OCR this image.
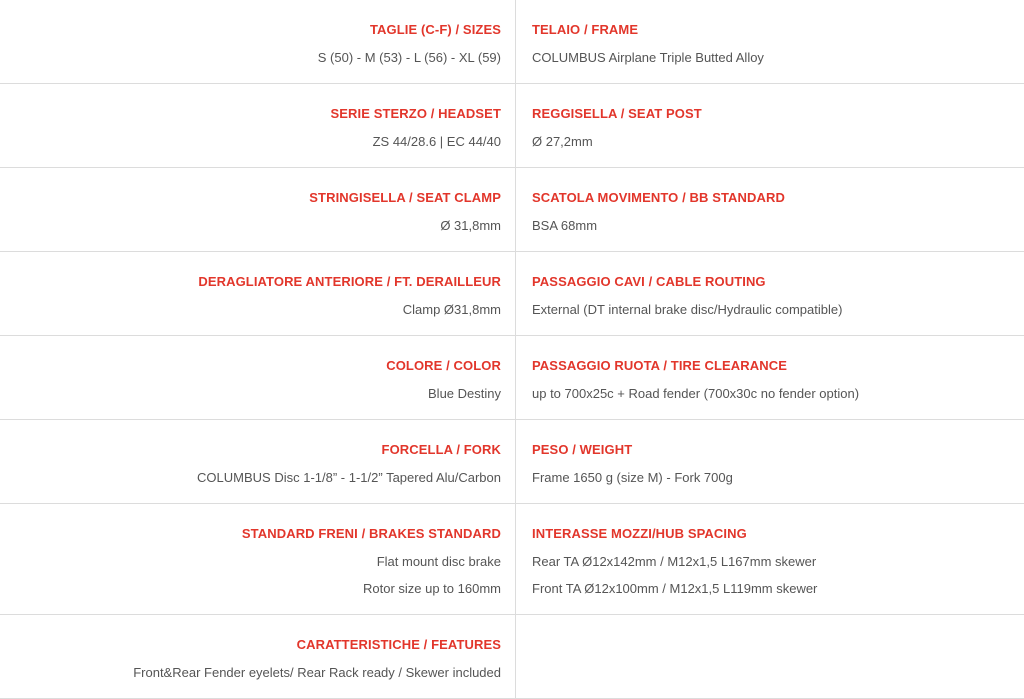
TAGLIE (C-F) / SIZES
S (50) - M (53) - L (56) - XL (59)
TELAIO / FRAME
COLUMBUS Airplane Triple Butted Alloy
SERIE STERZO / HEADSET
ZS 44/28.6 | EC 44/40
REGGISELLA / SEAT POST
Ø 27,2mm
STRINGISELLA / SEAT CLAMP
Ø 31,8mm
SCATOLA MOVIMENTO / BB STANDARD
BSA 68mm
DERAGLIATORE ANTERIORE / FT. DERAILLEUR
Clamp Ø31,8mm
PASSAGGIO CAVI / CABLE ROUTING
External (DT internal brake disc/Hydraulic compatible)
COLORE / COLOR
Blue Destiny
PASSAGGIO RUOTA / TIRE CLEARANCE
up to 700x25c + Road fender (700x30c no fender option)
FORCELLA / FORK
COLUMBUS Disc 1-1/8” - 1-1/2” Tapered Alu/Carbon
PESO / WEIGHT
Frame 1650 g (size M) - Fork 700g
STANDARD FRENI / BRAKES STANDARD
Flat mount disc brake
Rotor size up to 160mm
INTERASSE MOZZI/HUB SPACING
Rear TA Ø12x142mm / M12x1,5 L167mm skewer
Front TA Ø12x100mm / M12x1,5 L119mm skewer
CARATTERISTICHE / FEATURES
Front&Rear Fender eyelets/ Rear Rack ready / Skewer included
